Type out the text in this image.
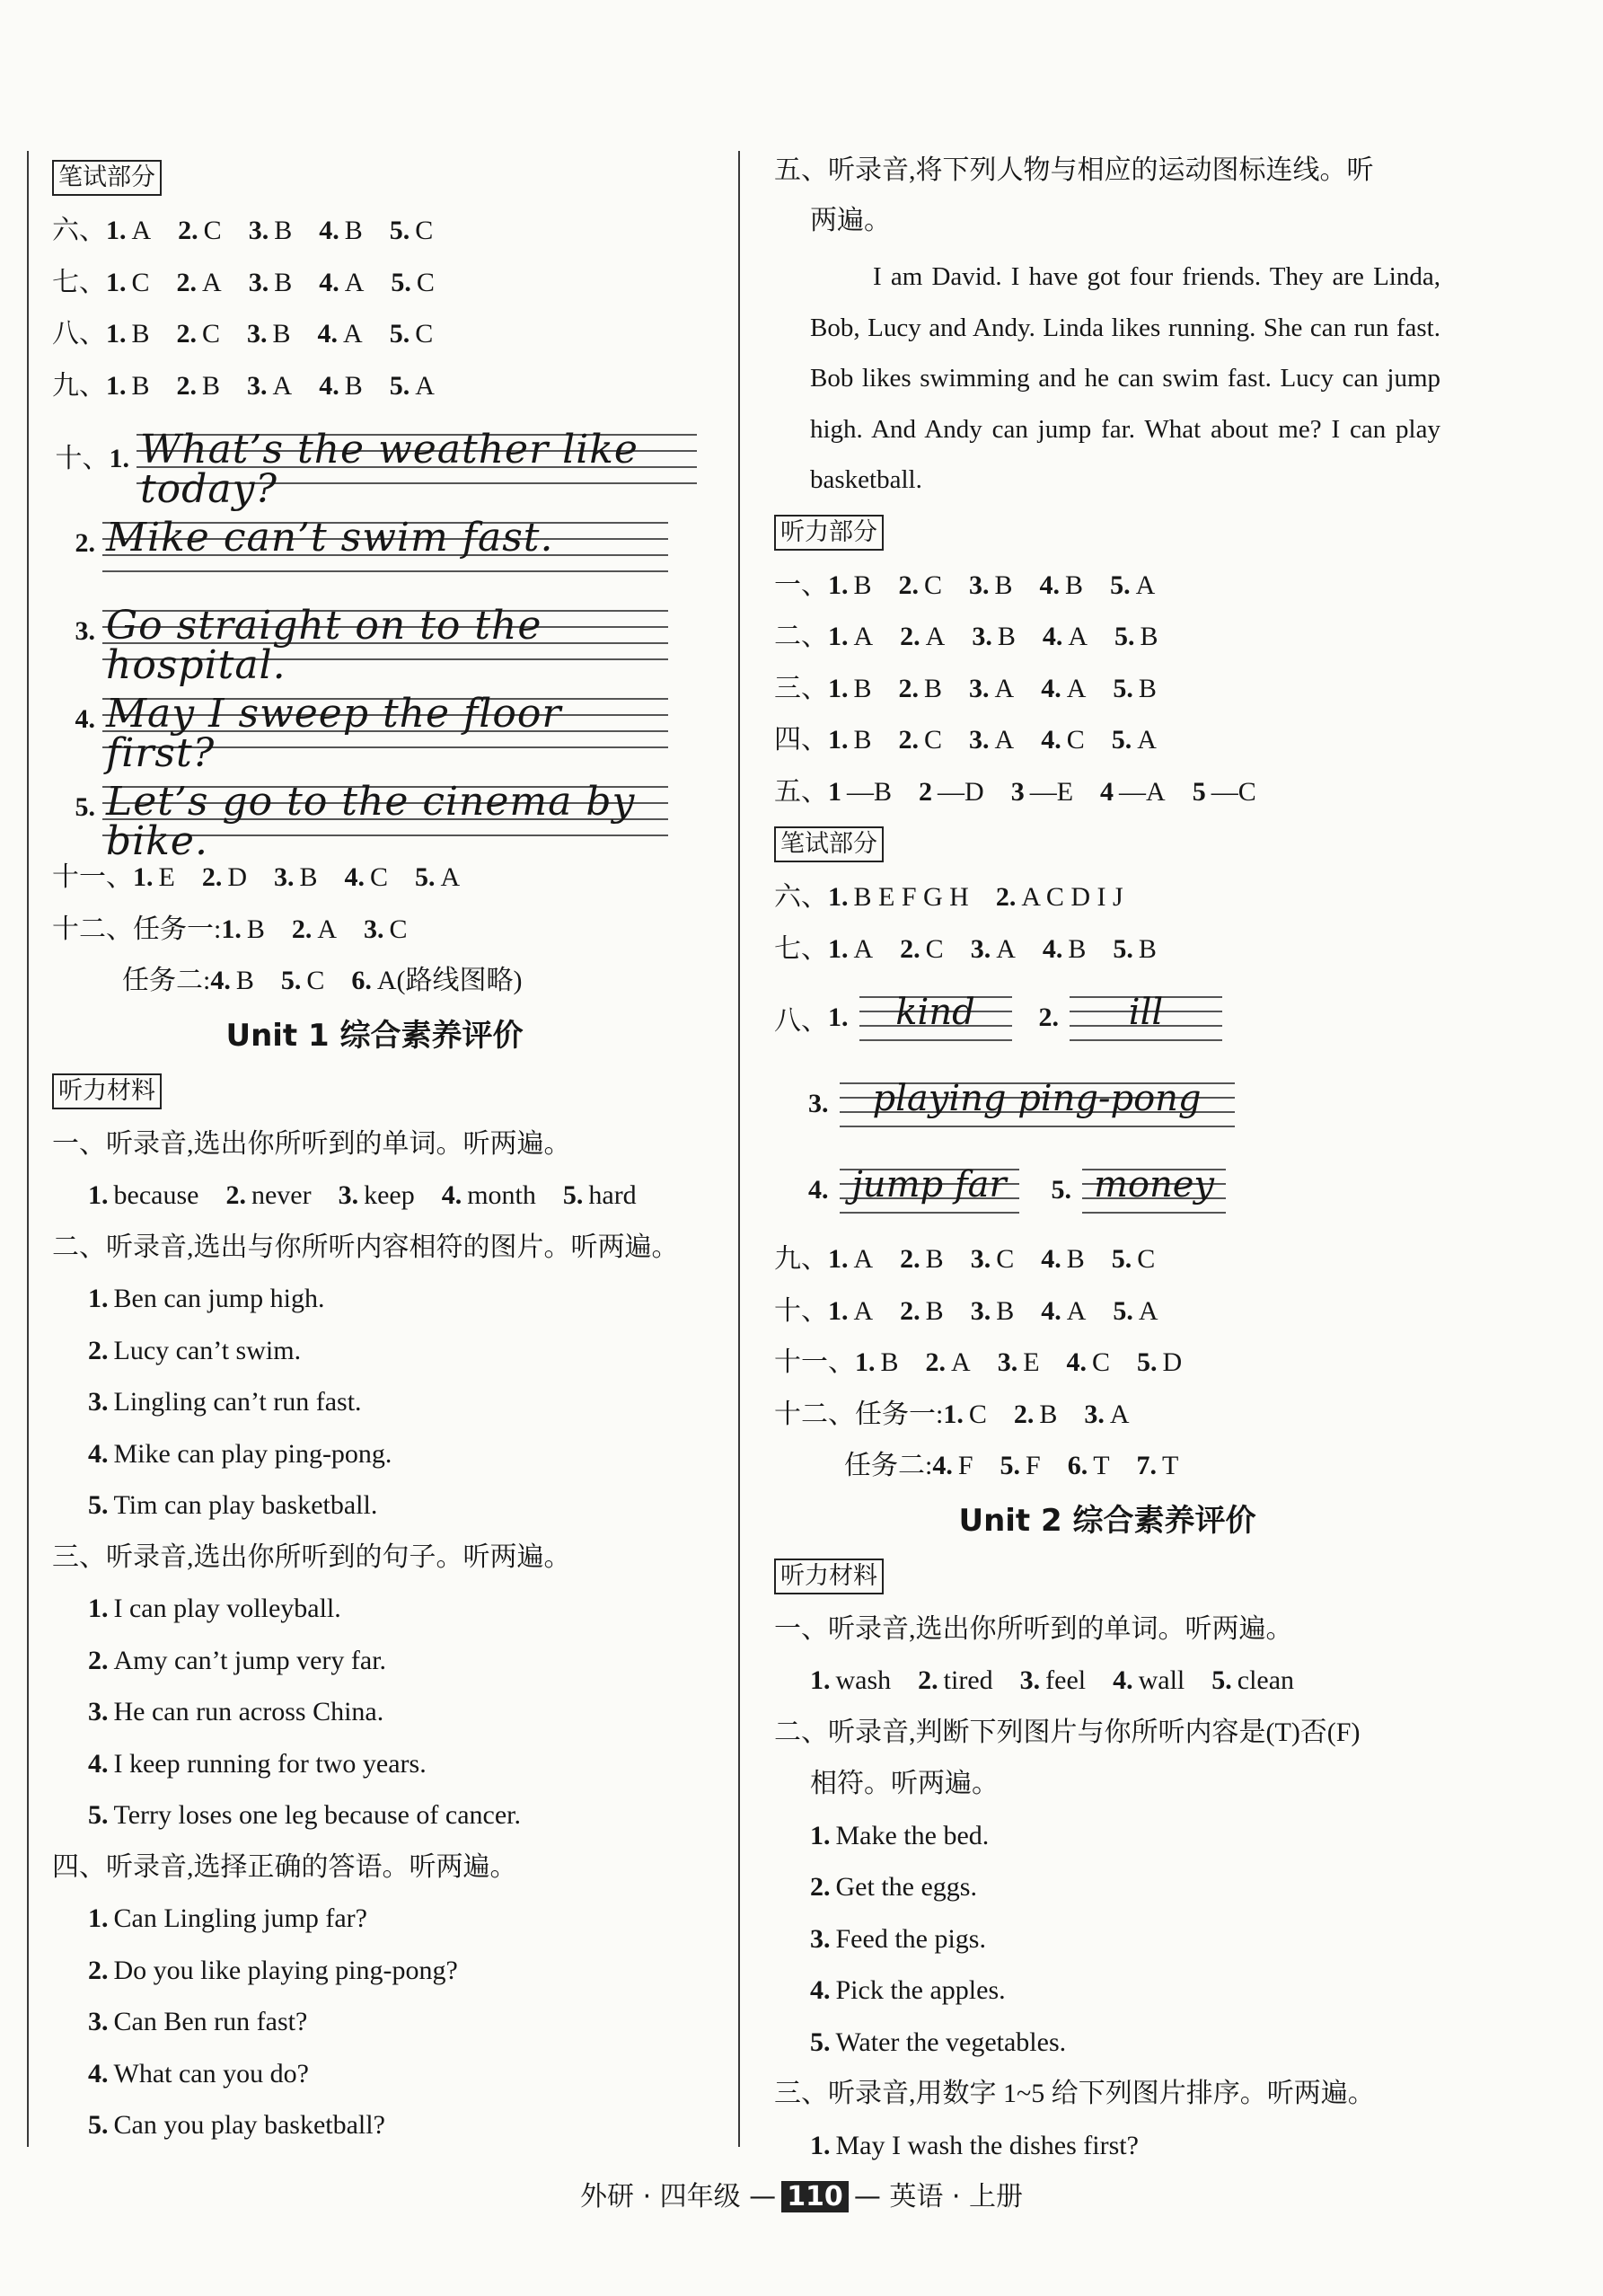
笔试部分
六、1. A 2. C 3. B 4. B 5. C
七、1. C 2. A 3. B 4. A 5. C
八、1. B 2. C 3. B 4. A 5. C
九、1. B 2. B 3. A 4. B 5. A
十、1. What’s the weather like today?
2. Mike can’t swim fast.
3. Go straight on to the hospital.
4. May I sweep the floor first?
5. Let’s go to the cinema by bike.
十一、1. E 2. D 3. B 4. C 5. A
十二、任务一:1. B 2. A 3. C
任务二:4. B 5. C 6. A(路线图略)
Unit 1 综合素养评价
听力材料
一、听录音,选出你所听到的单词。听两遍。
1. because 2. never 3. keep 4. month 5. hard
二、听录音,选出与你所听内容相符的图片。听两遍。
1. Ben can jump high.
2. Lucy can’t swim.
3. Lingling can’t run fast.
4. Mike can play ping-pong.
5. Tim can play basketball.
三、听录音,选出你所听到的句子。听两遍。
1. I can play volleyball.
2. Amy can’t jump very far.
3. He can run across China.
4. I keep running for two years.
5. Terry loses one leg because of cancer.
四、听录音,选择正确的答语。听两遍。
1. Can Lingling jump far?
2. Do you like playing ping-pong?
3. Can Ben run fast?
4. What can you do?
5. Can you play basketball?
五、听录音,将下列人物与相应的运动图标连线。听
两遍。

I am David. I have got four friends. They are Linda, Bob, Lucy and Andy. Linda likes running. She can run fast. Bob likes swimming and he can swim fast. Lucy can jump high. And Andy can jump far. What about me? I can play basketball.

听力部分
一、1. B 2. C 3. B 4. B 5. A
二、1. A 2. A 3. B 4. A 5. B
三、1. B 2. B 3. A 4. A 5. B
四、1. B 2. C 3. A 4. C 5. A
五、1 —B 2 —D 3 —E 4 —A 5 —C
笔试部分
六、1. B E F G H 2. A C D I J
七、1. A 2. C 3. A 4. B 5. B
八、 1.	kind	2.	ill
3.	playing ping-pong
4. jump far	5. money
九、1. A 2. B 3. C 4. B 5. C
十、1. A 2. B 3. B 4. A 5. A
十一、1. B 2. A 3. E 4. C 5. D
十二、任务一:1. C 2. B 3. A
任务二:4. F 5. F 6. T 7. T
Unit 2 综合素养评价
听力材料
一、听录音,选出你所听到的单词。听两遍。
1. wash 2. tired 3. feel 4. wall 5. clean
二、听录音,判断下列图片与你所听内容是(T)否(F)
相符。听两遍。
1. Make the bed.
2. Get the eggs.
3. Feed the pigs.
4. Pick the apples.
5. Water the vegetables.
三、听录音,用数字 1~5 给下列图片排序。听两遍。
1. May I wash the dishes first?
外研 · 四年级 — 110 — 英语 · 上册
